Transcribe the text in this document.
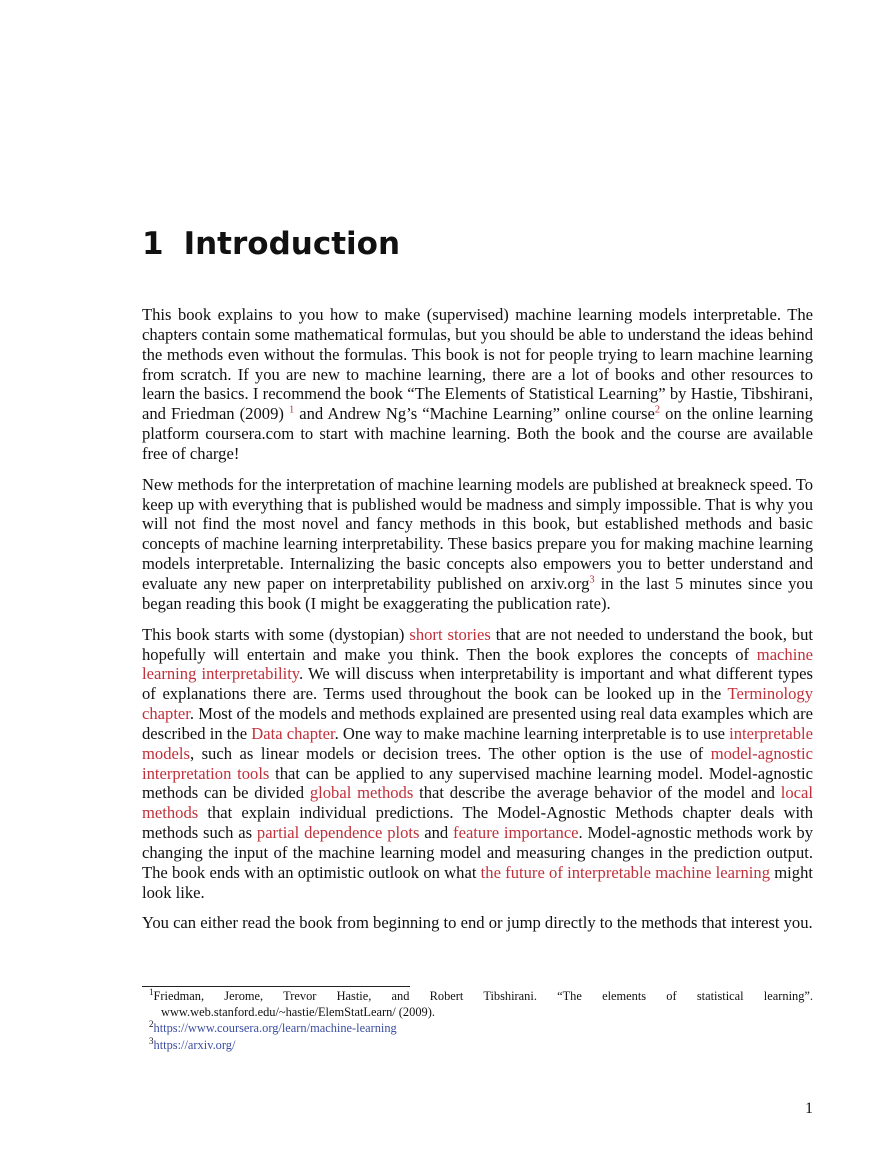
1 Introduction

This book explains to you how to make (supervised) machine learning models interpretable. The chapters contain some mathematical formulas, but you should be able to understand the ideas behind the methods even without the formulas. This book is not for people trying to learn machine learning from scratch. If you are new to machine learning, there are a lot of books and other resources to learn the basics. I recommend the book “The Elements of Statistical Learning” by Hastie, Tibshirani, and Friedman (2009) $^1$ and Andrew Ng’s “Machine Learning” online course$^2$ on the online learning platform coursera.com to start with machine learning. Both the book and the course are available free of charge!

New methods for the interpretation of machine learning models are published at breakneck speed. To keep up with everything that is published would be madness and simply impossible. That is why you will not find the most novel and fancy methods in this book, but established methods and basic concepts of machine learning interpretability. These basics prepare you for making machine learning models interpretable. Internalizing the basic concepts also empowers you to better understand and evaluate any new paper on interpretability published on arxiv.org$^3$ in the last 5 minutes since you began reading this book (I might be exaggerating the publication rate).

This book starts with some (dystopian) short stories that are not needed to understand the book, but hopefully will entertain and make you think. Then the book explores the concepts of machine learning interpretability. We will discuss when interpretability is important and what different types of explanations there are. Terms used throughout the book can be looked up in the Terminology chapter. Most of the models and methods explained are presented using real data examples which are described in the Data chapter. One way to make machine learning interpretable is to use interpretable models, such as linear models or decision trees. The other option is the use of model-agnostic interpretation tools that can be applied to any supervised machine learning model. Model-agnostic methods can be divided global methods that describe the average behavior of the model and local methods that explain individual predictions. The Model-Agnostic Methods chapter deals with methods such as partial dependence plots and feature importance. Model-agnostic methods work by changing the input of the machine learning model and measuring changes in the prediction output. The book ends with an optimistic outlook on what the future of interpretable machine learning might look like.

You can either read the book from beginning to end or jump directly to the methods that interest you.

$^1$Friedman, Jerome, Trevor Hastie, and Robert Tibshirani. “The elements of statistical learning”. www.web.stanford.edu/~hastie/ElemStatLearn/ (2009).
$^2$https://www.coursera.org/learn/machine-learning
$^3$https://arxiv.org/
1
